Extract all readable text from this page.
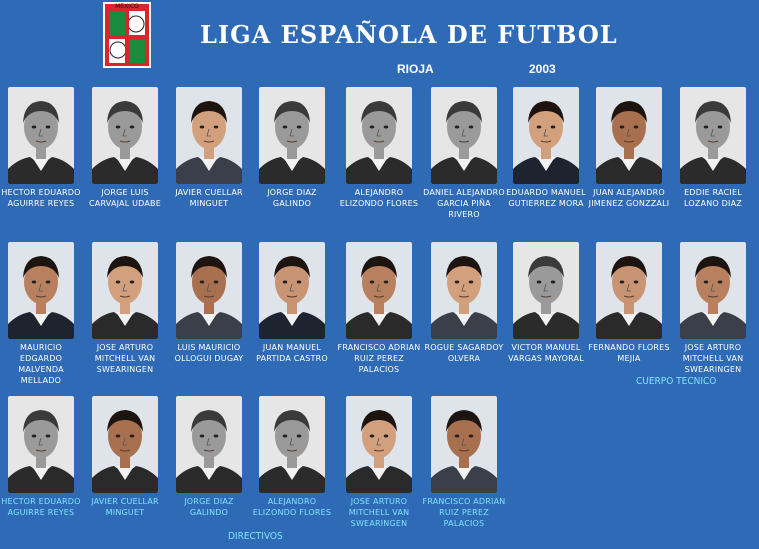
MEXICO
LIGA ESPAÑOLA DE FUTBOL
RIOJA	2003
HECTOR EDUARDO AGUIRRE REYES
JORGE LUIS CARVAJAL UDABE
JAVIER CUELLAR MINGUET
JORGE DIAZ GALINDO
ALEJANDRO ELIZONDO FLORES
DANIEL ALEJANDRO GARCIA PIÑA RIVERO
EDUARDO MANUEL GUTIERREZ MORA
JUAN ALEJANDRO JIMENEZ GONZZALI
EDDIE RACIEL LOZANO DIAZ
MAURICIO EDGARDO MALVENDA MELLADO
JOSE ARTURO MITCHELL VAN SWEARINGEN
LUIS MAURICIO OLLOGUI DUGAY
JUAN MANUEL PARTIDA CASTRO
FRANCISCO ADRIAN RUIZ PEREZ PALACIOS
ROGUE SAGARDOY OLVERA
VICTOR MANUEL VARGAS MAYORAL
FERNANDO FLORES MEJIA
JOSE ARTURO MITCHELL VAN SWEARINGEN
HECTOR EDUARDO AGUIRRE REYES
JAVIER CUELLAR MINGUET
JORGE DIAZ GALINDO
ALEJANDRO ELIZONDO FLORES
JOSE ARTURO MITCHELL VAN SWEARINGEN
FRANCISCO ADRIAN RUIZ PEREZ PALACIOS
CUERPO TECNICO
DIRECTIVOS
